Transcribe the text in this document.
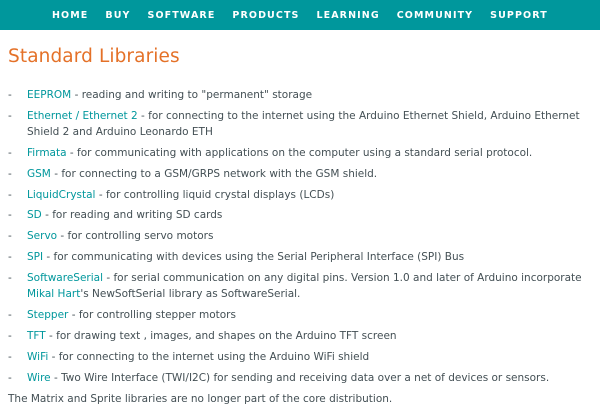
HOME BUY SOFTWARE PRODUCTS LEARNING COMMUNITY SUPPORT
Standard Libraries
- EEPROM - reading and writing to "permanent" storage
- Ethernet / Ethernet 2 - for connecting to the internet using the Arduino Ethernet Shield, Arduino Ethernet Shield 2 and Arduino Leonardo ETH
- Firmata - for communicating with applications on the computer using a standard serial protocol.
- GSM - for connecting to a GSM/GRPS network with the GSM shield.
- LiquidCrystal - for controlling liquid crystal displays (LCDs)
- SD - for reading and writing SD cards
- Servo - for controlling servo motors
- SPI - for communicating with devices using the Serial Peripheral Interface (SPI) Bus
- SoftwareSerial - for serial communication on any digital pins. Version 1.0 and later of Arduino incorporate Mikal Hart's NewSoftSerial library as SoftwareSerial.
- Stepper - for controlling stepper motors
- TFT - for drawing text , images, and shapes on the Arduino TFT screen
- WiFi - for connecting to the internet using the Arduino WiFi shield
- Wire - Two Wire Interface (TWI/I2C) for sending and receiving data over a net of devices or sensors.
The Matrix and Sprite libraries are no longer part of the core distribution.
